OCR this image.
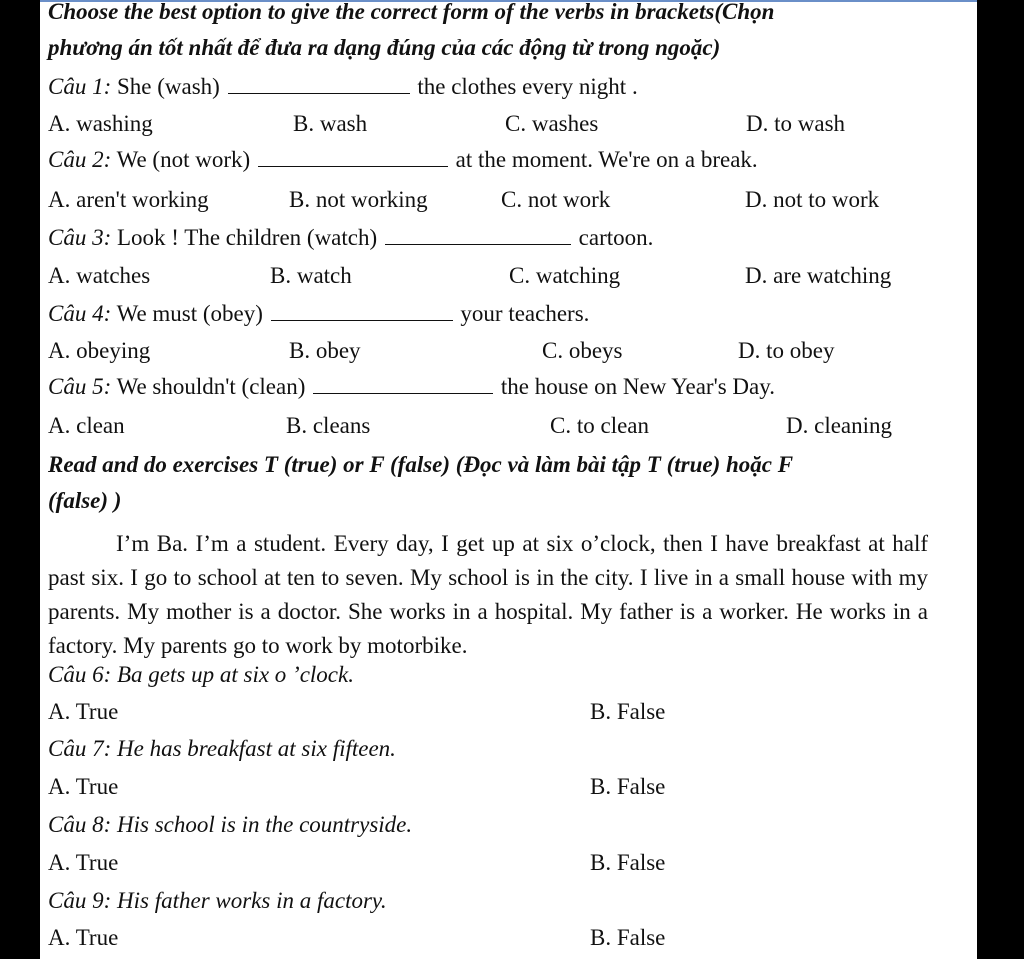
Choose the best option to give the correct form of the verbs in brackets(Chọn
phương án tốt nhất để đưa ra dạng đúng của các động từ trong ngoặc)
Câu 1: She (wash)	the clothes every night .
A. washing	B. wash	C. washes	D. to wash
Câu 2: We (not work)	at the moment. We're on a break.
A. aren't working	B. not working	C. not work	D. not to work
Câu 3: Look ! The children (watch)	cartoon.
A. watches	B. watch	C. watching	D. are watching
Câu 4: We must (obey)	your teachers.
A. obeying	B. obey	C. obeys	D. to obey
Câu 5: We shouldn't (clean)	the house on New Year's Day.
A. clean	B. cleans	C. to clean	D. cleaning
Read and do exercises T (true) or F (false) (Đọc và làm bài tập T (true) hoặc F
(false) )
I’m Ba. I’m a student. Every day, I get up at six o’clock, then I have breakfast at half past six. I go to school at ten to seven. My school is in the city. I live in a small house with my parents. My mother is a doctor. She works in a hospital. My father is a worker. He works in a factory. My parents go to work by motorbike.
Câu 6: Ba gets up at six o ’clock.
A. True	B. False
Câu 7: He has breakfast at six fifteen.
A. True	B. False
Câu 8: His school is in the countryside.
A. True	B. False
Câu 9: His father works in a factory.
A. True	B. False
